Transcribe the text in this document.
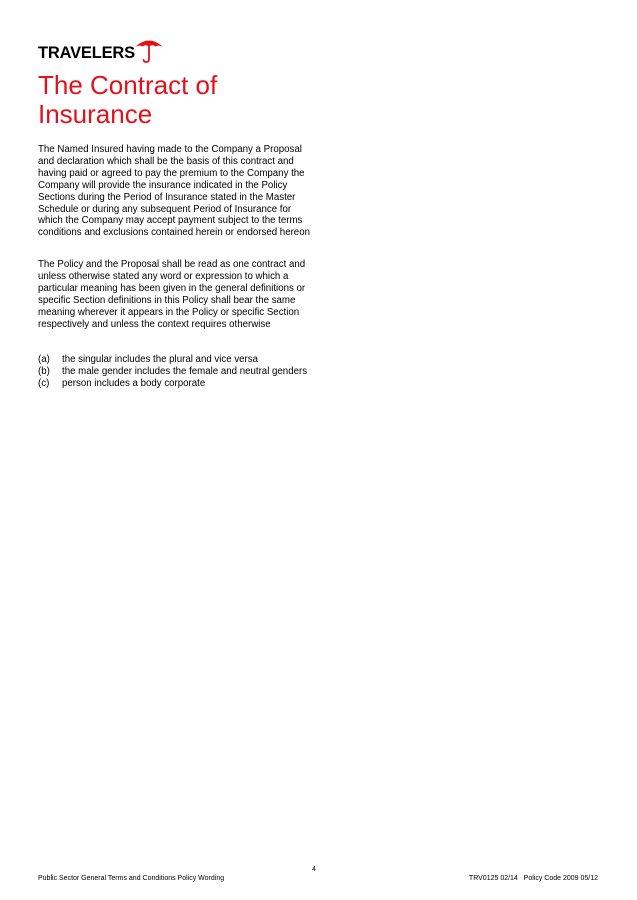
TRAVELERS
The Contract of Insurance

The Named Insured having made to the Company a Proposal and declaration which shall be the basis of this contract and having paid or agreed to pay the premium to the Company the Company will provide the insurance indicated in the Policy Sections during the Period of Insurance stated in the Master Schedule or during any subsequent Period of Insurance for which the Company may accept payment subject to the terms conditions and exclusions contained herein or endorsed hereon

The Policy and the Proposal shall be read as one contract and unless otherwise stated any word or expression to which a particular meaning has been given in the general definitions or specific Section definitions in this Policy shall bear the same meaning wherever it appears in the Policy or specific Section respectively and unless the context requires otherwise

(a)	the singular includes the plural and vice versa
(b)	the male gender includes the female and neutral genders
(c)	person includes a body corporate
4
Public Sector General Terms and Conditions Policy Wording	TRV0125 02/14   Policy Code 2009 05/12
